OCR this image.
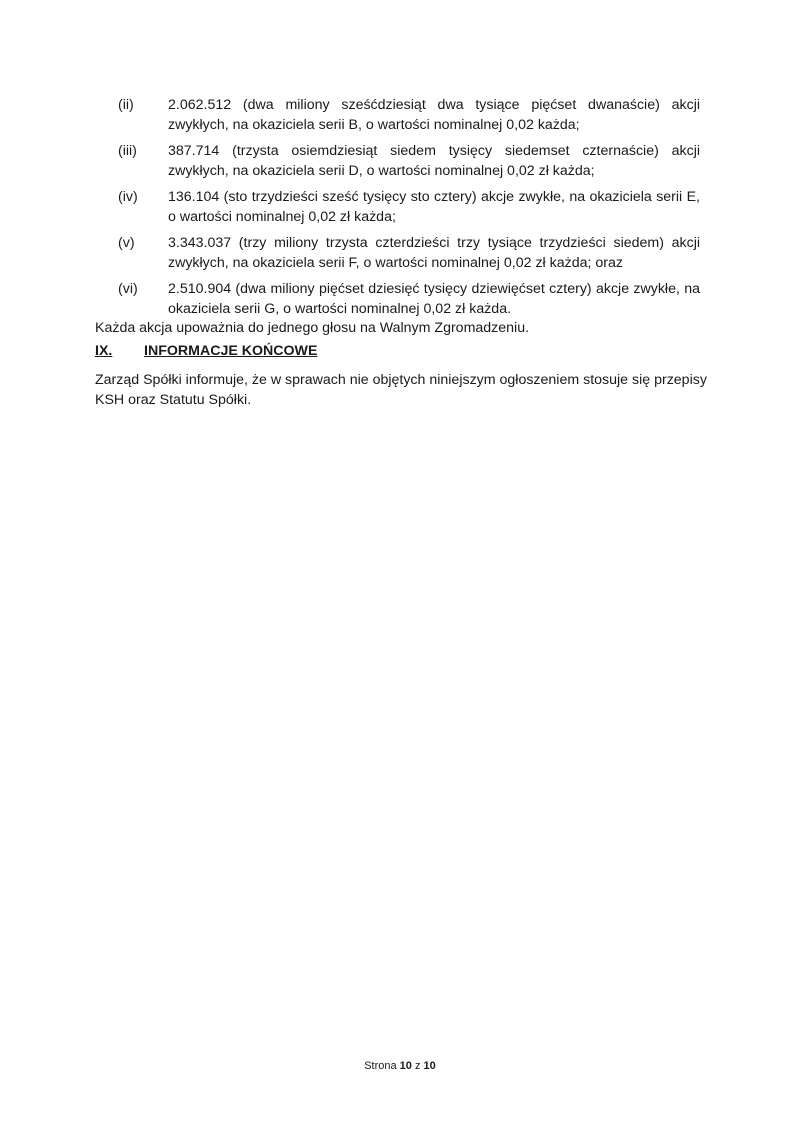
(ii)	2.062.512 (dwa miliony sześćdziesiąt dwa tysiące pięćset dwanaście) akcji zwykłych, na okaziciela serii B, o wartości nominalnej 0,02 każda;
(iii)	387.714 (trzysta osiemdziesiąt siedem tysięcy siedemset czternaście) akcji zwykłych, na okaziciela serii D, o wartości nominalnej 0,02 zł każda;
(iv)	136.104 (sto trzydzieści sześć tysięcy sto cztery) akcje zwykłe, na okaziciela serii E, o wartości nominalnej 0,02 zł każda;
(v)	3.343.037 (trzy miliony trzysta czterdzieści trzy tysiące trzydzieści siedem) akcji zwykłych, na okaziciela serii F, o wartości nominalnej 0,02 zł każda; oraz
(vi)	2.510.904 (dwa miliony pięćset dziesięć tysięcy dziewięćset cztery) akcje zwykłe, na okaziciela serii G, o wartości nominalnej 0,02 zł każda.
Każda akcja upoważnia do jednego głosu na Walnym Zgromadzeniu.
IX.	INFORMACJE KOŃCOWE
Zarząd Spółki informuje, że w sprawach nie objętych niniejszym ogłoszeniem stosuje się przepisy KSH oraz Statutu Spółki.
Strona 10 z 10
